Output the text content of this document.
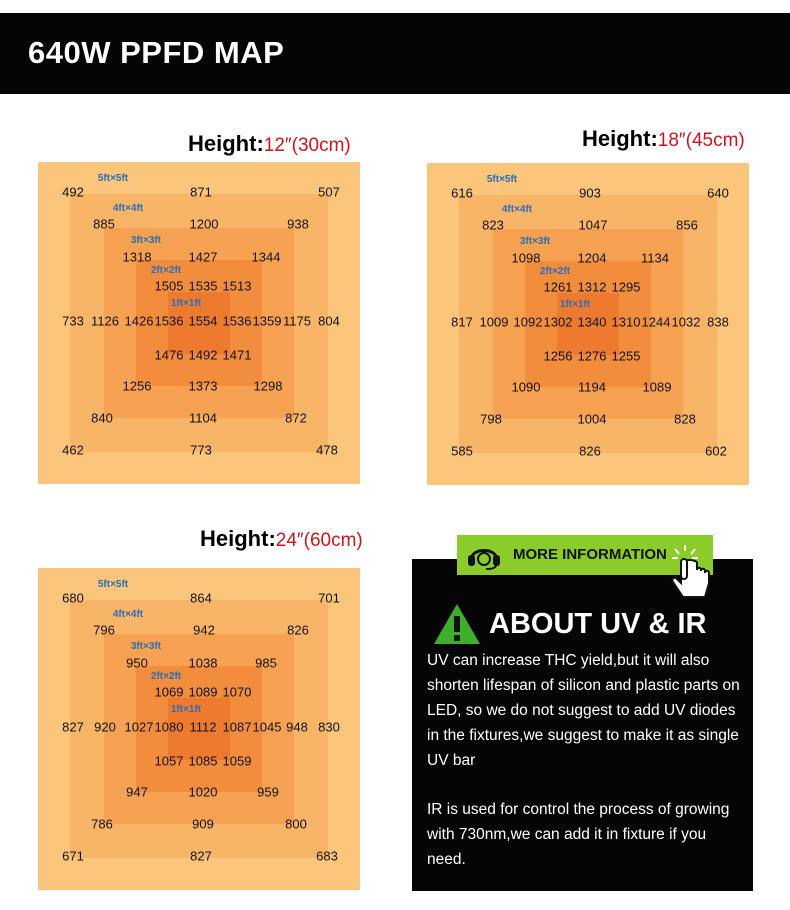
640W PPFD MAP
Height:12″(30cm)	Height:18″(45cm)
Height:24″(60cm)
5ft×5ft
4ft×4ft
3ft×3ft
2ft×2ft
1ft×1ft
492	871	507
885	1200	938
1318	1427	1344
1505 1535 1513
733 1126 1426 1536 1554 1536 1359 1175 804
1476 1492 1471
1256	1373	1298
840	1104	872
462	773	478
5ft×5ft
4ft×4ft
3ft×3ft
2ft×2ft
1ft×1ft
616	903	640
823	1047	856
1098	1204	1134
1261 1312 1295
817 1009 1092 1302 1340 1310 1244 1032 838
1256 1276 1255
1090	1194	1089
798	1004	828
585	826	602
5ft×5ft
4ft×4ft
3ft×3ft
2ft×2ft
1ft×1ft
680	864	701
796	942	826
950	1038	985
1069 1089 1070
827 920 1027 1080 1112 1087 1045 948 830
1057 1085 1059
947	1020	959
786	909	800
671	827	683
MORE INFORMATION
ABOUT UV & IR
UV can increase THC yield,but it will also shorten lifespan of silicon and plastic parts on LED, so we do not suggest to add UV diodes in the fixtures,we suggest to make it as single UV bar
IR is used for control the process of growing with 730nm,we can add it in fixture if you need.
